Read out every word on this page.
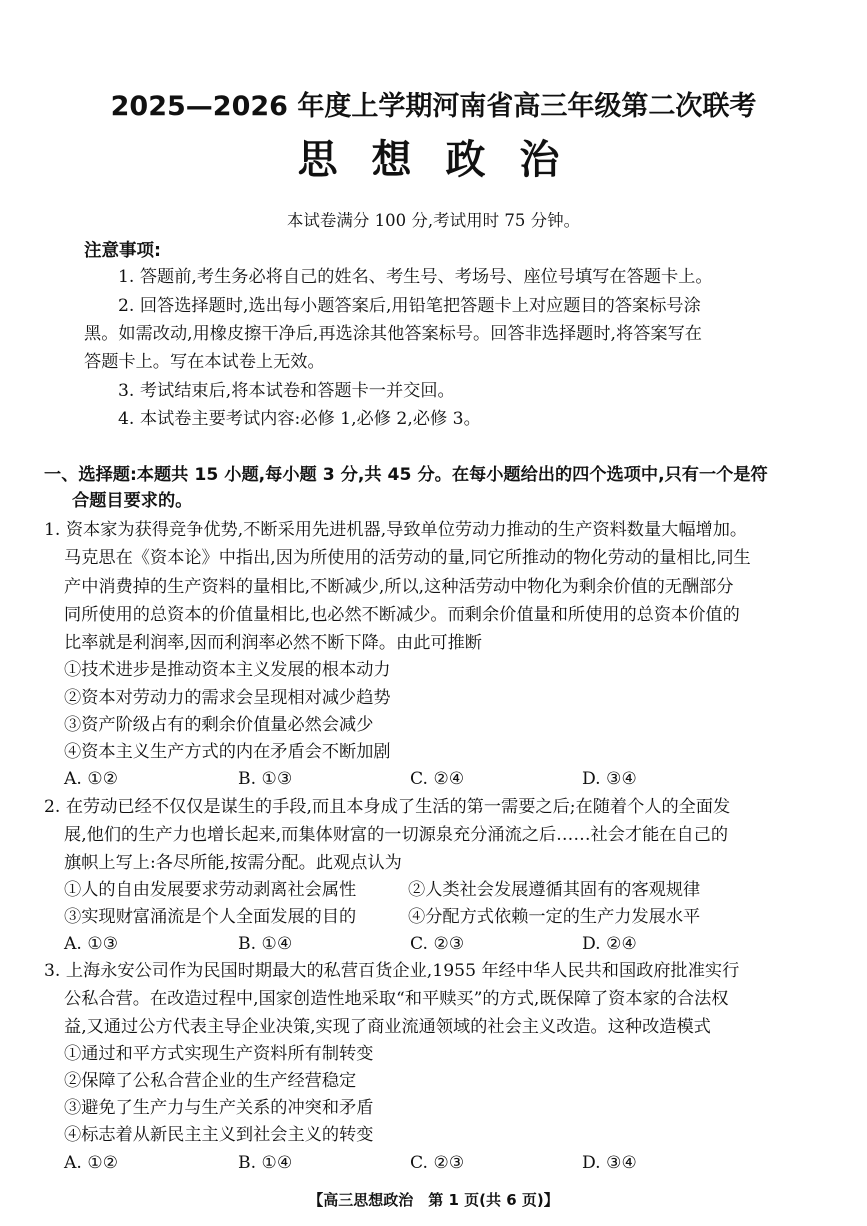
2025—2026 年度上学期河南省高三年级第二次联考
思 想 政 治
本试卷满分 100 分,考试用时 75 分钟。
注意事项:
1. 答题前,考生务必将自己的姓名、考生号、考场号、座位号填写在答题卡上。
2. 回答选择题时,选出每小题答案后,用铅笔把答题卡上对应题目的答案标号涂
黑。如需改动,用橡皮擦干净后,再选涂其他答案标号。回答非选择题时,将答案写在
答题卡上。写在本试卷上无效。
3. 考试结束后,将本试卷和答题卡一并交回。
4. 本试卷主要考试内容:必修 1,必修 2,必修 3。
一、选择题:本题共 15 小题,每小题 3 分,共 45 分。在每小题给出的四个选项中,只有一个是符
合题目要求的。
1. 资本家为获得竞争优势,不断采用先进机器,导致单位劳动力推动的生产资料数量大幅增加。
马克思在《资本论》中指出,因为所使用的活劳动的量,同它所推动的物化劳动的量相比,同生
产中消费掉的生产资料的量相比,不断减少,所以,这种活劳动中物化为剩余价值的无酬部分
同所使用的总资本的价值量相比,也必然不断减少。而剩余价值量和所使用的总资本价值的
比率就是利润率,因而利润率必然不断下降。由此可推断
①技术进步是推动资本主义发展的根本动力
②资本对劳动力的需求会呈现相对减少趋势
③资产阶级占有的剩余价值量必然会减少
④资本主义生产方式的内在矛盾会不断加剧
A. ①②	B. ①③	C. ②④	D. ③④
2. 在劳动已经不仅仅是谋生的手段,而且本身成了生活的第一需要之后;在随着个人的全面发
展,他们的生产力也增长起来,而集体财富的一切源泉充分涌流之后……社会才能在自己的
旗帜上写上:各尽所能,按需分配。此观点认为
①人的自由发展要求劳动剥离社会属性	②人类社会发展遵循其固有的客观规律
③实现财富涌流是个人全面发展的目的	④分配方式依赖一定的生产力发展水平
A. ①③	B. ①④	C. ②③	D. ②④
3. 上海永安公司作为民国时期最大的私营百货企业,1955 年经中华人民共和国政府批准实行
公私合营。在改造过程中,国家创造性地采取“和平赎买”的方式,既保障了资本家的合法权
益,又通过公方代表主导企业决策,实现了商业流通领域的社会主义改造。这种改造模式
①通过和平方式实现生产资料所有制转变
②保障了公私合营企业的生产经营稳定
③避免了生产力与生产关系的冲突和矛盾
④标志着从新民主主义到社会主义的转变
A. ①②	B. ①④	C. ②③	D. ③④
【高三思想政治　第 1 页(共 6 页)】
